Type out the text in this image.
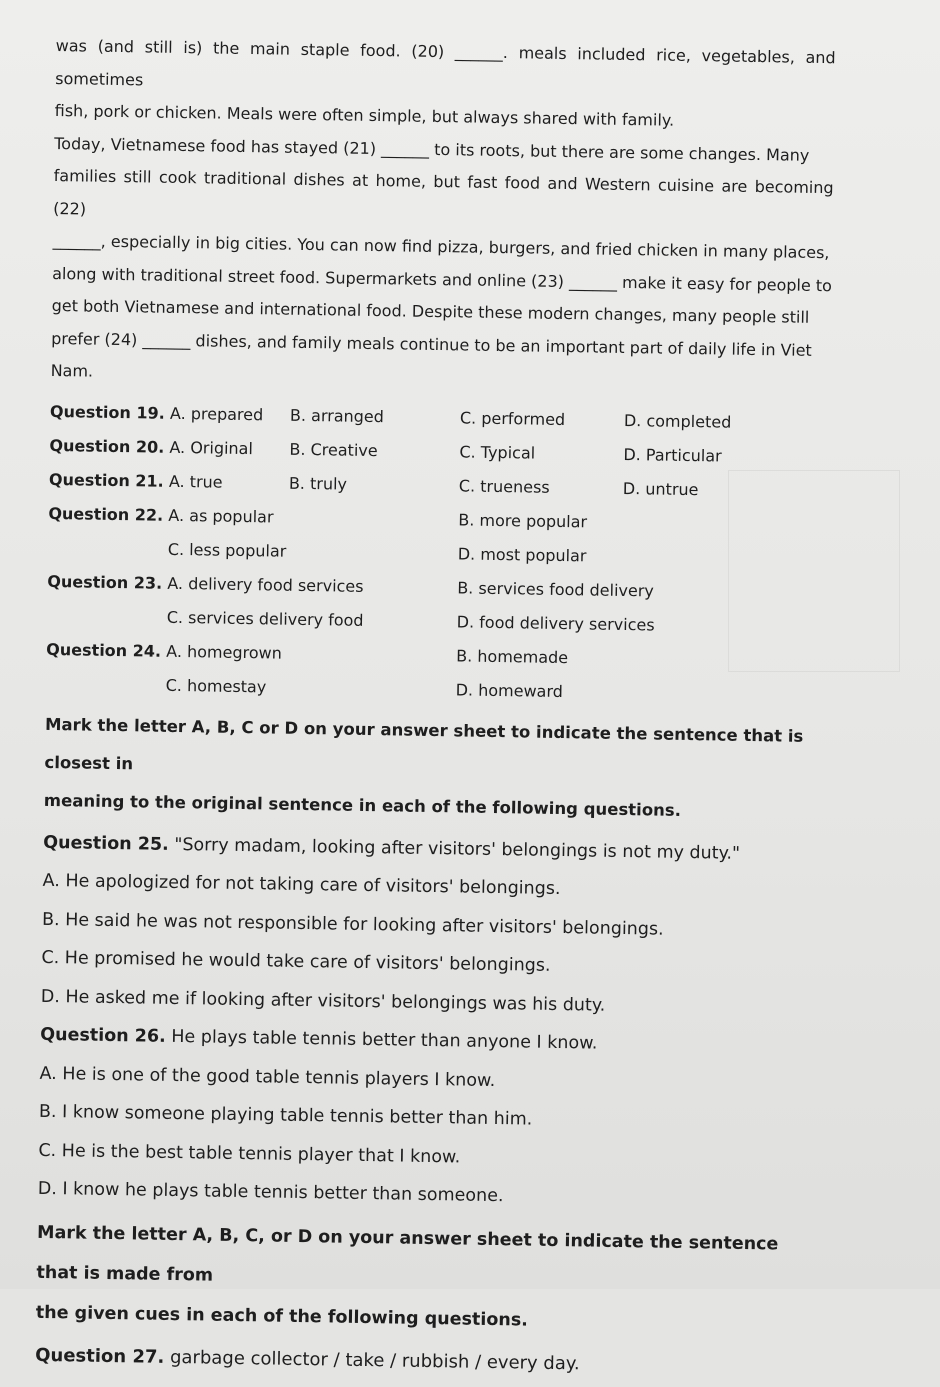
was (and still is) the main staple food. (20) ______. meals included rice, vegetables, and sometimes

fish, pork or chicken. Meals were often simple, but always shared with family.

Today, Vietnamese food has stayed (21) ______ to its roots, but there are some changes. Many

families still cook traditional dishes at home, but fast food and Western cuisine are becoming (22)

______, especially in big cities. You can now find pizza, burgers, and fried chicken in many places,

along with traditional street food. Supermarkets and online (23) ______ make it easy for people to

get both Vietnamese and international food. Despite these modern changes, many people still

prefer (24) ______ dishes, and family meals continue to be an important part of daily life in Viet

Nam.

Question 19. A. prepared B. arranged	C. performed	D. completed
Question 20. A. Original B. Creative	C. Typical	D. Particular
Question 21. A. true	B. truly	C. trueness	D. untrue
Question 22. A. as popular	B. more popular
C. less popular	D. most popular
Question 23. A. delivery food services	B. services food delivery
C. services delivery food	D. food delivery services
Question 24. A. homegrown	B. homemade
C. homestay	D. homeward
Mark the letter A, B, C or D on your answer sheet to indicate the sentence that is closest in
meaning to the original sentence in each of the following questions.

Question 25. "Sorry madam, looking after visitors' belongings is not my duty."

A. He apologized for not taking care of visitors' belongings.

B. He said he was not responsible for looking after visitors' belongings.

C. He promised he would take care of visitors' belongings.

D. He asked me if looking after visitors' belongings was his duty.

Question 26. He plays table tennis better than anyone I know.

A. He is one of the good table tennis players I know.

B. I know someone playing table tennis better than him.

C. He is the best table tennis player that I know.

D. I know he plays table tennis better than someone.

Mark the letter A, B, C, or D on your answer sheet to indicate the sentence that is made from
the given cues in each of the following questions.

Question 27. garbage collector / take / rubbish / every day.
